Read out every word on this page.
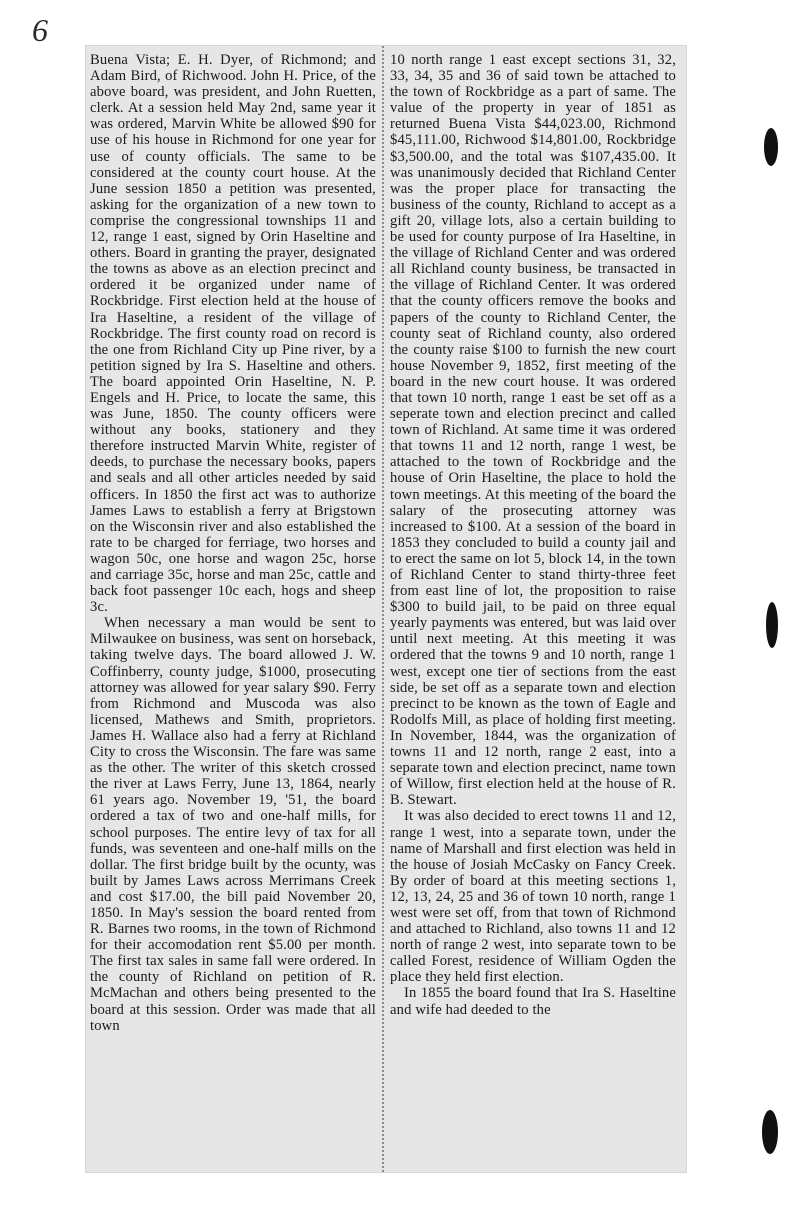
6

Buena Vista; E. H. Dyer, of Richmond; and Adam Bird, of Richwood. John H. Price, of the above board, was president, and John Ruetten, clerk. At a session held May 2nd, same year it was ordered, Marvin White be allowed $90 for use of his house in Richmond for one year for use of county officials. The same to be considered at the county court house. At the June session 1850 a petition was presented, asking for the organization of a new town to comprise the congressional townships 11 and 12, range 1 east, signed by Orin Haseltine and others. Board in granting the prayer, designated the towns as above as an election precinct and ordered it be organized under name of Rockbridge. First election held at the house of Ira Haseltine, a resident of the village of Rockbridge. The first county road on record is the one from Richland City up Pine river, by a petition signed by Ira S. Haseltine and others. The board appointed Orin Haseltine, N. P. Engels and H. Price, to locate the same, this was June, 1850. The county officers were without any books, stationery and they therefore instructed Marvin White, register of deeds, to purchase the necessary books, papers and seals and all other articles needed by said officers. In 1850 the first act was to authorize James Laws to establish a ferry at Brigstown on the Wisconsin river and also established the rate to be charged for ferriage, two horses and wagon 50c, one horse and wagon 25c, horse and carriage 35c, horse and man 25c, cattle and back foot passenger 10c each, hogs and sheep 3c.

When necessary a man would be sent to Milwaukee on business, was sent on horseback, taking twelve days. The board allowed J. W. Coffinberry, county judge, $1000, prosecuting attorney was allowed for year salary $90. Ferry from Richmond and Muscoda was also licensed, Mathews and Smith, proprietors. James H. Wallace also had a ferry at Richland City to cross the Wisconsin. The fare was same as the other. The writer of this sketch crossed the river at Laws Ferry, June 13, 1864, nearly 61 years ago. November 19, '51, the board ordered a tax of two and one-half mills, for school purposes. The entire levy of tax for all funds, was seventeen and one-half mills on the dollar. The first bridge built by the ocunty, was built by James Laws across Merrimans Creek and cost $17.00, the bill paid November 20, 1850. In May's session the board rented from R. Barnes two rooms, in the town of Richmond for their accomodation rent $5.00 per month. The first tax sales in same fall were ordered. In the county of Richland on petition of R. McMachan and others being presented to the board at this session. Order was made that all town

10 north range 1 east except sections 31, 32, 33, 34, 35 and 36 of said town be attached to the town of Rockbridge as a part of same. The value of the property in year of 1851 as returned Buena Vista $44,023.00, Richmond $45,111.00, Richwood $14,801.00, Rockbridge $3,500.00, and the total was $107,435.00. It was unanimously decided that Richland Center was the proper place for transacting the business of the county, Richland to accept as a gift 20, village lots, also a certain building to be used for county purpose of Ira Haseltine, in the village of Richland Center and was ordered all Richland county business, be transacted in the village of Richland Center. It was ordered that the county officers remove the books and papers of the county to Richland Center, the county seat of Richland county, also ordered the county raise $100 to furnish the new court house November 9, 1852, first meeting of the board in the new court house. It was ordered that town 10 north, range 1 east be set off as a seperate town and election precinct and called town of Richland. At same time it was ordered that towns 11 and 12 north, range 1 west, be attached to the town of Rockbridge and the house of Orin Haseltine, the place to hold the town meetings. At this meeting of the board the salary of the prosecuting attorney was increased to $100. At a session of the board in 1853 they concluded to build a county jail and to erect the same on lot 5, block 14, in the town of Richland Center to stand thirty-three feet from east line of lot, the proposition to raise $300 to build jail, to be paid on three equal yearly payments was entered, but was laid over until next meeting. At this meeting it was ordered that the towns 9 and 10 north, range 1 west, except one tier of sections from the east side, be set off as a separate town and election precinct to be known as the town of Eagle and Rodolfs Mill, as place of holding first meeting. In November, 1844, was the organization of towns 11 and 12 north, range 2 east, into a separate town and election precinct, name town of Willow, first election held at the house of R. B. Stewart.

It was also decided to erect towns 11 and 12, range 1 west, into a separate town, under the name of Marshall and first election was held in the house of Josiah McCasky on Fancy Creek. By order of board at this meeting sections 1, 12, 13, 24, 25 and 36 of town 10 north, range 1 west were set off, from that town of Richmond and attached to Richland, also towns 11 and 12 north of range 2 west, into separate town to be called Forest, residence of William Ogden the place they held first election.

In 1855 the board found that Ira S. Haseltine and wife had deeded to the
